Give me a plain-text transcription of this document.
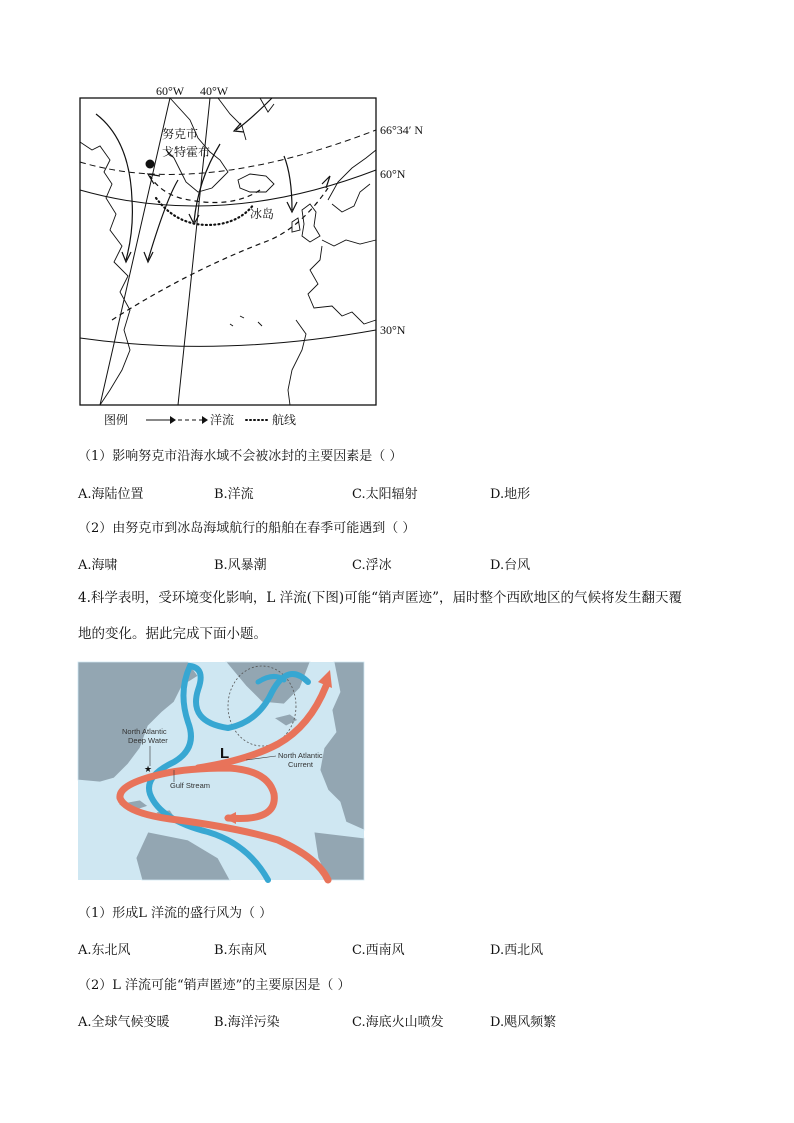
60°W 40°W
努克市
戈特霍布
冰岛
66°34′ N
60°N
30°N
图例	洋流	航线
（1）影响努克市沿海水域不会被冰封的主要因素是（ ）
A.海陆位置	B.洋流	C.太阳辐射	D.地形
（2）由努克市到冰岛海域航行的船舶在春季可能遇到（ ）
A.海啸	B.风暴潮	C.浮冰	D.台风
4.科学表明，受环境变化影响，L 洋流(下图)可能“销声匿迹”，届时整个西欧地区的气候将发生翻天覆
地的变化。据此完成下面小题。
★
North Atlantic
Deep Water
North Atlantic
Current
Gulf Stream
L
（1）形成L 洋流的盛行风为（ ）
A.东北风	B.东南风	C.西南风	D.西北风
（2）L 洋流可能“销声匿迹”的主要原因是（ ）
A.全球气候变暖	B.海洋污染	C.海底火山喷发	D.飓风频繁
